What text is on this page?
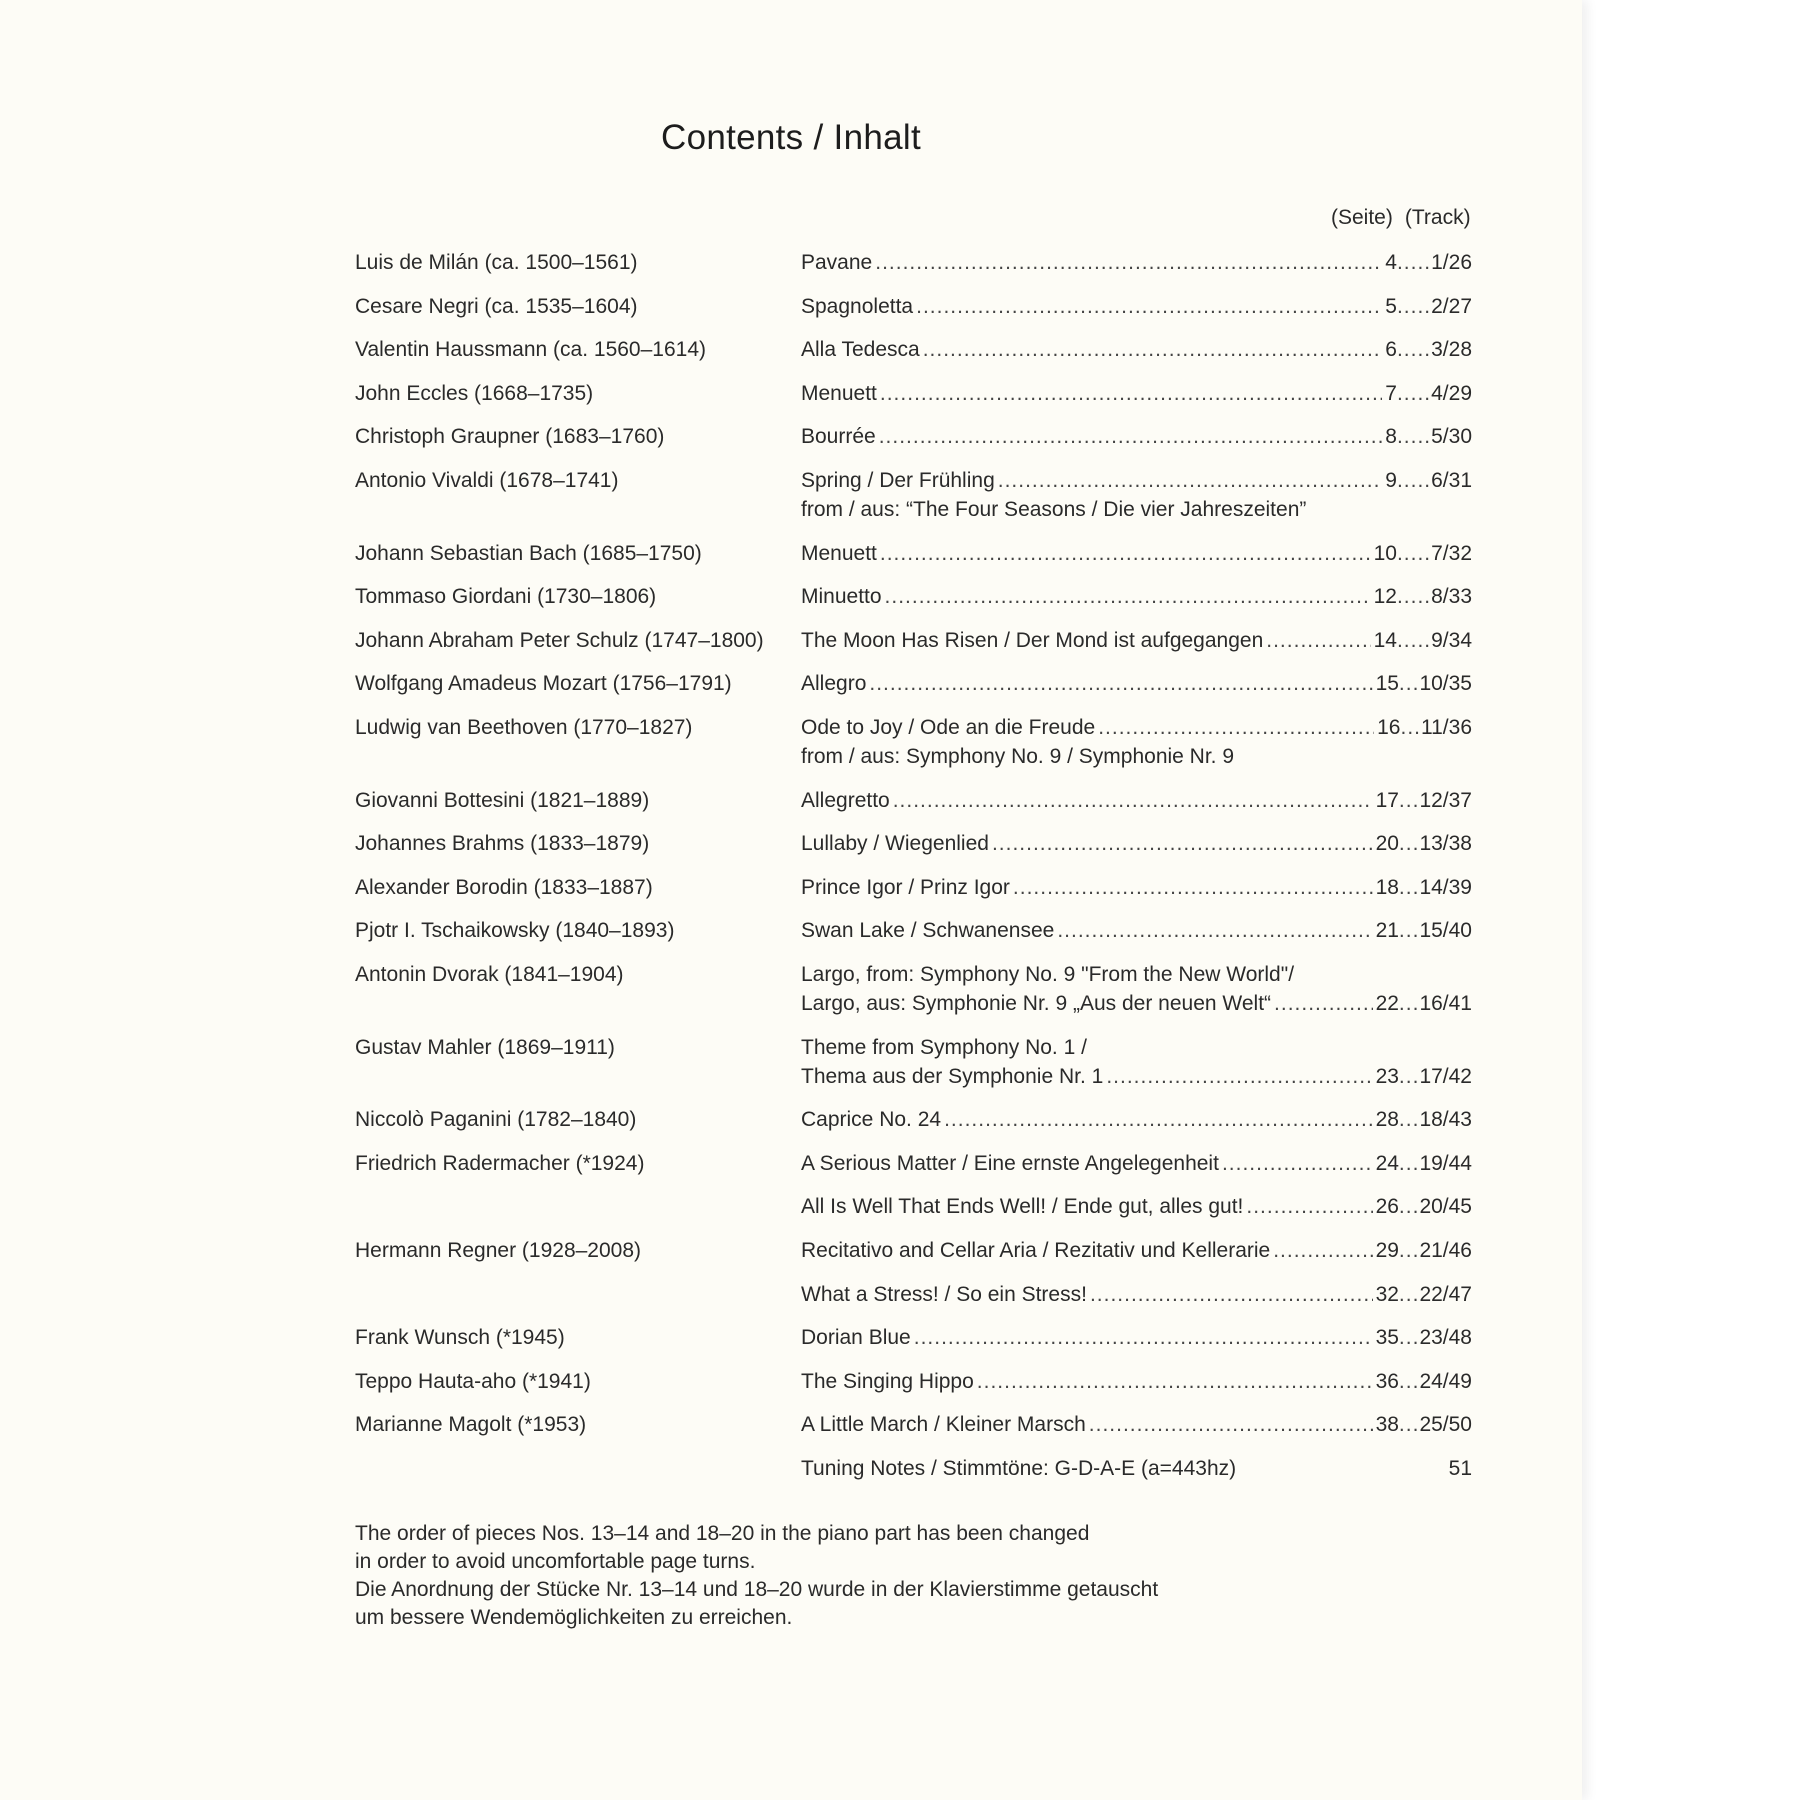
Contents / Inhalt
(Seite) (Track)
Luis de Milán (ca. 1500–1561)	Pavane .....	4 ..... 1/26
Cesare Negri (ca. 1535–1604)	Spagnoletta .....	5 ..... 2/27
Valentin Haussmann (ca. 1560–1614)	Alla Tedesca .....	6 ..... 3/28
John Eccles (1668–1735)	Menuett .....	7 ..... 4/29
Christoph Graupner (1683–1760)	Bourrée .....	8 ..... 5/30
Antonio Vivaldi (1678–1741)	Spring / Der Frühling .....	9 ..... 6/31
from / aus: “The Four Seasons / Die vier Jahreszeiten”
Johann Sebastian Bach (1685–1750)	Menuett .....	10 ..... 7/32
Tommaso Giordani (1730–1806)	Minuetto .....	12 ..... 8/33
Johann Abraham Peter Schulz (1747–1800) The Moon Has Risen / Der Mond ist aufgegangen .....	14 ..... 9/34
Wolfgang Amadeus Mozart (1756–1791)	Allegro .....	15 ... 10/35
Ludwig van Beethoven (1770–1827)	Ode to Joy / Ode an die Freude .....	16 ... 11/36
from / aus: Symphony No. 9 / Symphonie Nr. 9
Giovanni Bottesini (1821–1889)	Allegretto .....	17 ... 12/37
Johannes Brahms (1833–1879)	Lullaby / Wiegenlied .....	20 ... 13/38
Alexander Borodin (1833–1887)	Prince Igor / Prinz Igor .....	18 ... 14/39
Pjotr I. Tschaikowsky (1840–1893)	Swan Lake / Schwanensee .....	21 ... 15/40
Antonin Dvorak (1841–1904)	Largo, from: Symphony No. 9 "From the New World"/
Largo, aus: Symphonie Nr. 9 „Aus der neuen Welt“ .....	22 ... 16/41
Gustav Mahler (1869–1911)	Theme from Symphony No. 1 /
Thema aus der Symphonie Nr. 1 .....	23 ... 17/42
Niccolò Paganini (1782–1840)	Caprice No. 24 .....	28 ... 18/43
Friedrich Radermacher (*1924)	A Serious Matter / Eine ernste Angelegenheit .....	24 ... 19/44
All Is Well That Ends Well! / Ende gut, alles gut! .....	26 ... 20/45
Hermann Regner (1928–2008)	Recitativo and Cellar Aria / Rezitativ und Kellerarie .....	29 ... 21/46
What a Stress! / So ein Stress! .....	32 ... 22/47
Frank Wunsch (*1945)	Dorian Blue .....	35 ... 23/48
Teppo Hauta-aho (*1941)	The Singing Hippo .....	36 ... 24/49
Marianne Magolt (*1953)	A Little March / Kleiner Marsch .....	38 ... 25/50
Tuning Notes / Stimmtöne: G-D-A-E (a=443hz)	51
The order of pieces Nos. 13–14 and 18–20 in the piano part has been changed
in order to avoid uncomfortable page turns.
Die Anordnung der Stücke Nr. 13–14 und 18–20 wurde in der Klavierstimme getauscht
um bessere Wendemöglichkeiten zu erreichen.
